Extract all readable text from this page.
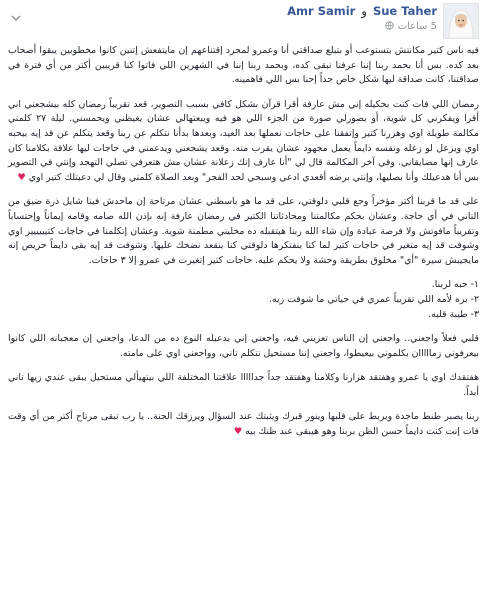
Sue Taher و Amr Samir
5 ساعات

فيه ناس كتير مكانتش بتستوعب أو بتبلع صداقتي أنا وعمرو لمجرد إقتناعهم إن مايتفعش إتنين كانوا مخطوبين يبقوا أصحاب بعد كده. بس أنا بحمد ربنا إننا عرفنا نبقى كده، وبحمد ربنا إننا في الشهرين اللي فاتوا كنا قريبين أكتر من أي فترة في صداقتنا، كانت صداقة ليها شكل خاص جداً إحنا بس اللي فاهمينه.

رمضان اللي فات كنت بحكيله إني مش عارفة أقرا قرآن بشكل كافي بسبب التصوير، قعد تقريباً رمضان كله بيشجعني اني أقرا ويفكرني كل شوية، أو يصورلي صورة من الجزء اللي هو فيه ويبعتهالي عشان يغيظني ويحمسني. ليلة ٢٧ كلمني مكالمة طويلة اوي وهزرنا كتير وإتفقنا على حاجات نعملها بعد العيد، وبعدها بدأنا نتكلم عن ربنا وقعد يتكلم عن قد إيه بيحبه اوي ويزعل لو زعله ونفسه دايماً يعمل مجهود عشان يقرب منه. وقعد يشجعني ويدعمني في حاجات ليها علاقة بكلامنا كان عارف إنها مضايقاني. وفي آخر المكالمة قال لي "أنا عارف إنك زعلانة عشان مش هتعرفي تصلي التهجد وإنتي في التصوير بس أنا هدعيلك وأنا بصليها، وإنتي برضه أقعدي ادعي وسبحي لحد الفجر" وبعد الصلاة كلمني وقال لي دعيتلك كتير اوي ♥

على قد ما قربنا أكتر مؤخراً وجع قلبي دلوقتي، على قد ما هو باسطني عشان مرتاحة إن ماحدش فينا شايل ذرة ضيق من التاني في أي حاجة. وعشان بحكم مكالمتنا ومحادثاتنا الكتير في رمضان عارفة إنه بإذن الله صامه وقامه إيماناً وإحتساباً وتقريباً مافوتش ولا فرصة عبادة وإن شاء الله ربنا هيتقبله ده مخليني مطمنة شوية. وعشان إتكلمنا في حاجات كتيييييير اوي وشوفت قد إيه متغير في حاجات كتير لما كنا بنفتكرها دلوقتي كنا بنقعد نضحك عليها. وشوفت قد إيه بقى دايماً حريص إنه مايجيبش سيرة "أي" مخلوق بطريقة وحشة ولا يحكم عليه. حاجات كتير إتغيرت في عمرو إلا ٣ حاجات.

١- حبه لربنا.

٢- بره لأمه اللي تقريباً عمري في حياتي ما شوفت زيه.

٣- طيبة قلبه.

قلبي فعلاً واجعني.. واجعني إن الناس تعزيني فيه، واجعني إني بدعيله النوع ده من الدعا، واجعني إن معجبانه اللي كانوا بيعرفوني زمااااان بكلموني بيعيطوا، واجعني إننا مستحيل نتكلم تاني، وواجعني اوي على مامته.

هفتقدك اوي يا عمرو وهفتقد هزارنا وكلامنا وهفتقد جداً جدااااا علاقتنا المختلفة اللي بيتهيألي مستحيل يبقى عندي زيها تاني أبداً.

ربنا يصبر طنط ماجدة ويربط على قلبها وينور قبرك ويثبتك عند السؤال ويرزقك الجنة.. يا رب تبقى مرتاح أكتر من أي وقت فات إنت كنت دايماً حسن الظن بربنا وهو هيبقى عند ظنك بيه ♥
